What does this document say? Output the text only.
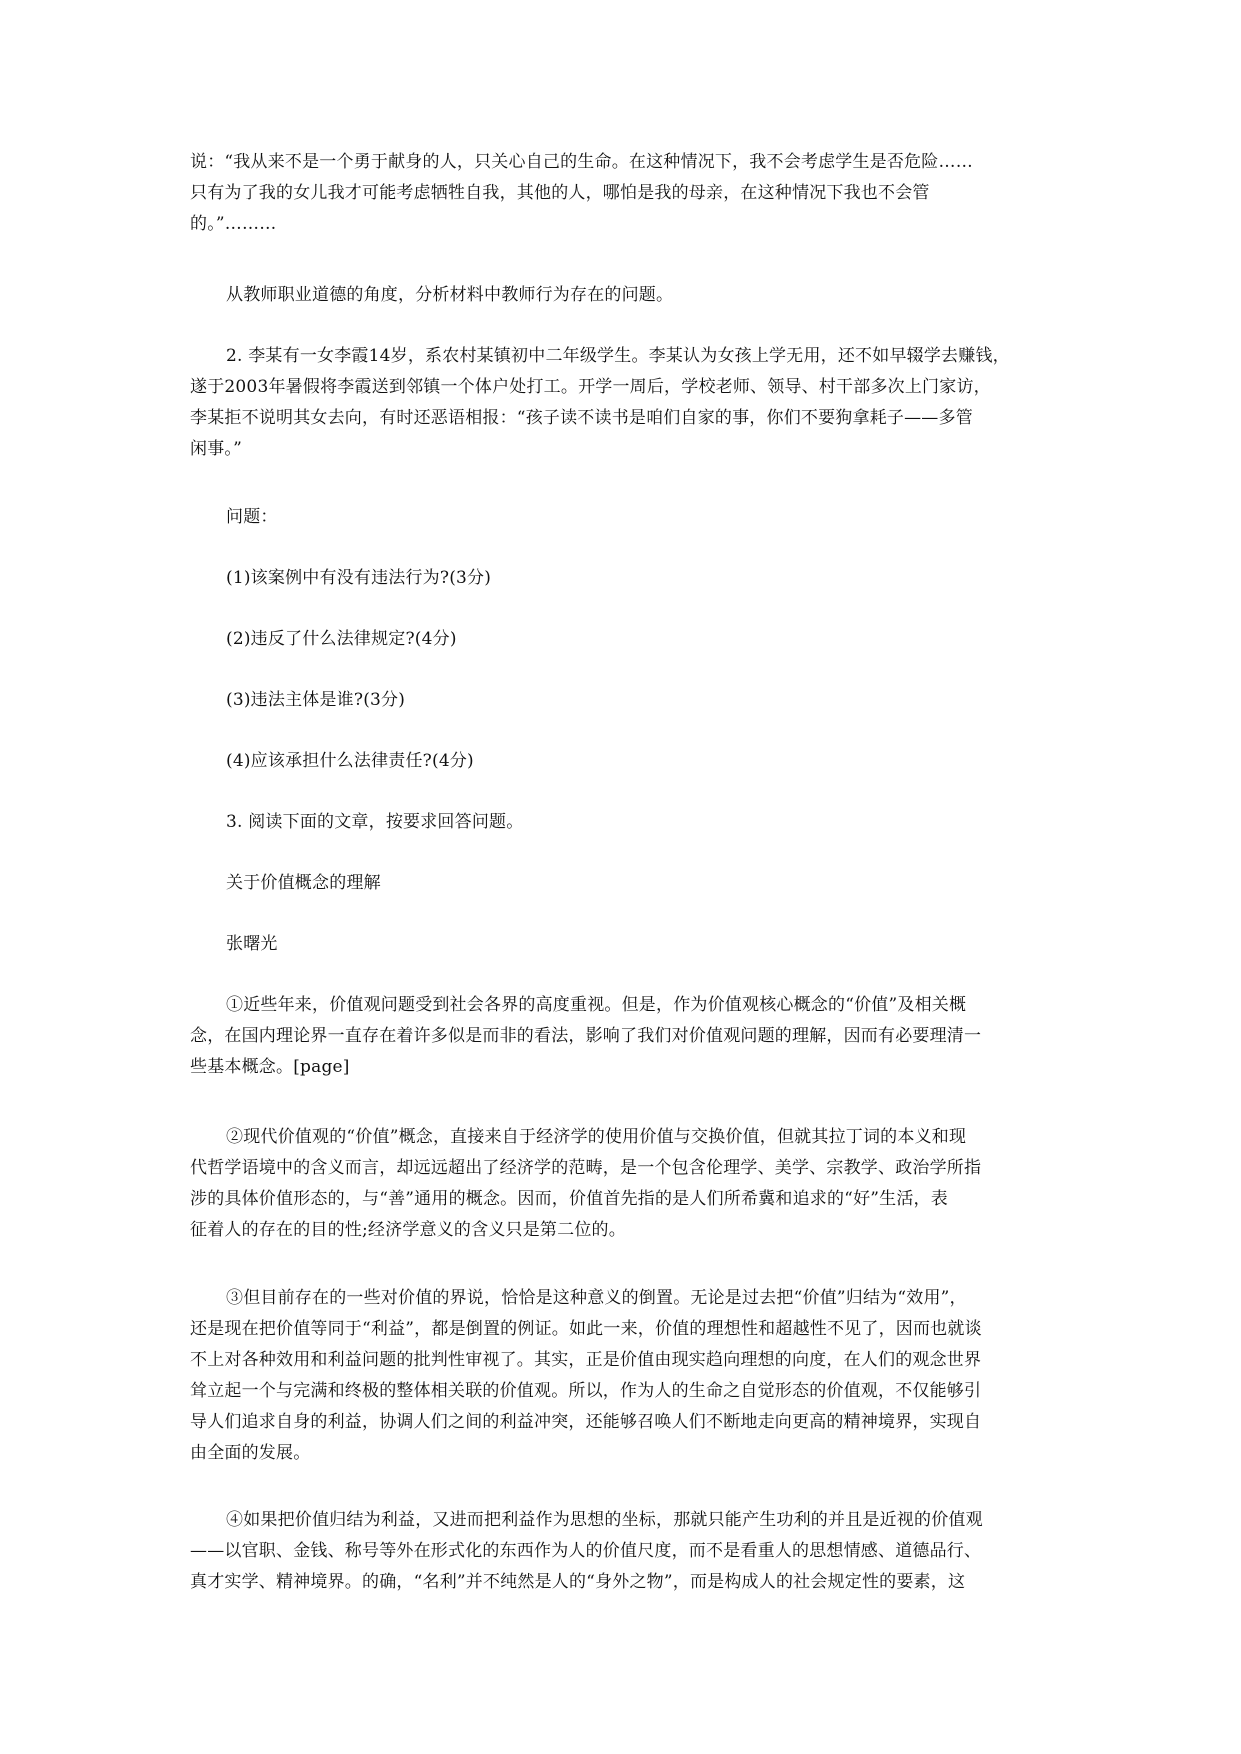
说：“我从来不是一个勇于献身的人，只关心自己的生命。在这种情况下，我不会考虑学生是否危险……
只有为了我的女儿我才可能考虑牺牲自我，其他的人，哪怕是我的母亲，在这种情况下我也不会管
的。”………
从教师职业道德的角度，分析材料中教师行为存在的问题。
2. 李某有一女李霞14岁，系农村某镇初中二年级学生。李某认为女孩上学无用，还不如早辍学去赚钱，
遂于2003年暑假将李霞送到邻镇一个体户处打工。开学一周后，学校老师、领导、村干部多次上门家访，
李某拒不说明其女去向，有时还恶语相报：“孩子读不读书是咱们自家的事，你们不要狗拿耗子——多管
闲事。”
问题：
(1)该案例中有没有违法行为?(3分)
(2)违反了什么法律规定?(4分)
(3)违法主体是谁?(3分)
(4)应该承担什么法律责任?(4分)
3. 阅读下面的文章，按要求回答问题。
关于价值概念的理解
张曙光
①近些年来，价值观问题受到社会各界的高度重视。但是，作为价值观核心概念的“价值”及相关概
念，在国内理论界一直存在着许多似是而非的看法，影响了我们对价值观问题的理解，因而有必要理清一
些基本概念。[page]
②现代价值观的“价值”概念，直接来自于经济学的使用价值与交换价值，但就其拉丁词的本义和现
代哲学语境中的含义而言，却远远超出了经济学的范畴，是一个包含伦理学、美学、宗教学、政治学所指
涉的具体价值形态的，与“善”通用的概念。因而，价值首先指的是人们所希冀和追求的“好”生活，表
征着人的存在的目的性;经济学意义的含义只是第二位的。
③但目前存在的一些对价值的界说，恰恰是这种意义的倒置。无论是过去把“价值”归结为“效用”，
还是现在把价值等同于“利益”，都是倒置的例证。如此一来，价值的理想性和超越性不见了，因而也就谈
不上对各种效用和利益问题的批判性审视了。其实，正是价值由现实趋向理想的向度，在人们的观念世界
耸立起一个与完满和终极的整体相关联的价值观。所以，作为人的生命之自觉形态的价值观，不仅能够引
导人们追求自身的利益，协调人们之间的利益冲突，还能够召唤人们不断地走向更高的精神境界，实现自
由全面的发展。
④如果把价值归结为利益，又进而把利益作为思想的坐标，那就只能产生功利的并且是近视的价值观
——以官职、金钱、称号等外在形式化的东西作为人的价值尺度，而不是看重人的思想情感、道德品行、
真才实学、精神境界。的确，“名利”并不纯然是人的“身外之物”，而是构成人的社会规定性的要素，这
